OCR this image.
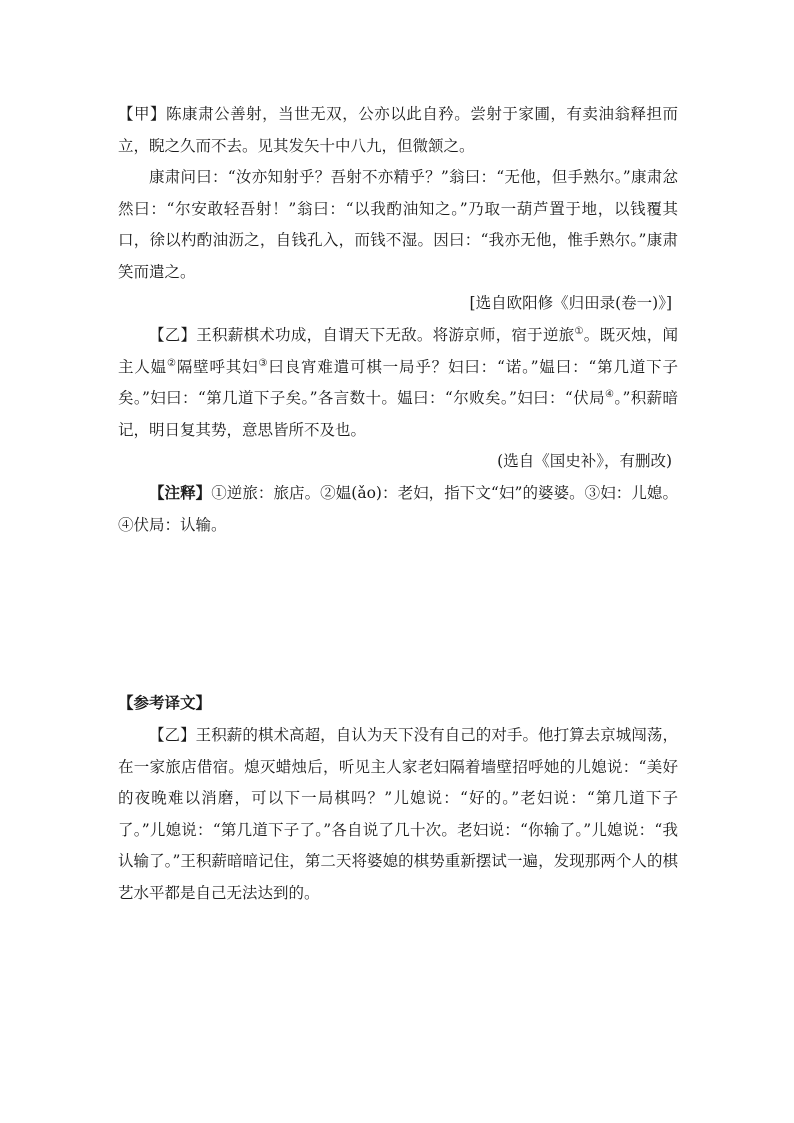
【甲】陈康肃公善射，当世无双，公亦以此自矜。尝射于家圃，有卖油翁释担而立，睨之久而不去。见其发矢十中八九，但微颔之。

康肃问曰：“汝亦知射乎？吾射不亦精乎？”翁曰：“无他，但手熟尔。”康肃忿然曰：“尔安敢轻吾射！”翁曰：“以我酌油知之。”乃取一葫芦置于地，以钱覆其口，徐以杓酌油沥之，自钱孔入，而钱不湿。因曰：“我亦无他，惟手熟尔。”康肃笑而遣之。

[选自欧阳修《归田录(卷一)》]

【乙】王积薪棋术功成，自谓天下无敌。将游京师，宿于逆旅①。既灭烛，闻主人媪②隔壁呼其妇③曰良宵难遣可棋一局乎？妇曰：“诺。”媪曰：“第几道下子矣。”妇曰：“第几道下子矣。”各言数十。媪曰：“尔败矣。”妇曰：“伏局④。”积薪暗记，明日复其势，意思皆所不及也。

(选自《国史补》，有删改)

【注释】①逆旅：旅店。②媪(ǎo)：老妇，指下文“妇”的婆婆。③妇：儿媳。④伏局：认输。

【参考译文】

【乙】王积薪的棋术高超，自认为天下没有自己的对手。他打算去京城闯荡，在一家旅店借宿。熄灭蜡烛后，听见主人家老妇隔着墙壁招呼她的儿媳说：“美好的夜晚难以消磨，可以下一局棋吗？”儿媳说：“好的。”老妇说：“第几道下子了。”儿媳说：“第几道下子了。”各自说了几十次。老妇说：“你输了。”儿媳说：“我认输了。”王积薪暗暗记住，第二天将婆媳的棋势重新摆试一遍，发现那两个人的棋艺水平都是自己无法达到的。
